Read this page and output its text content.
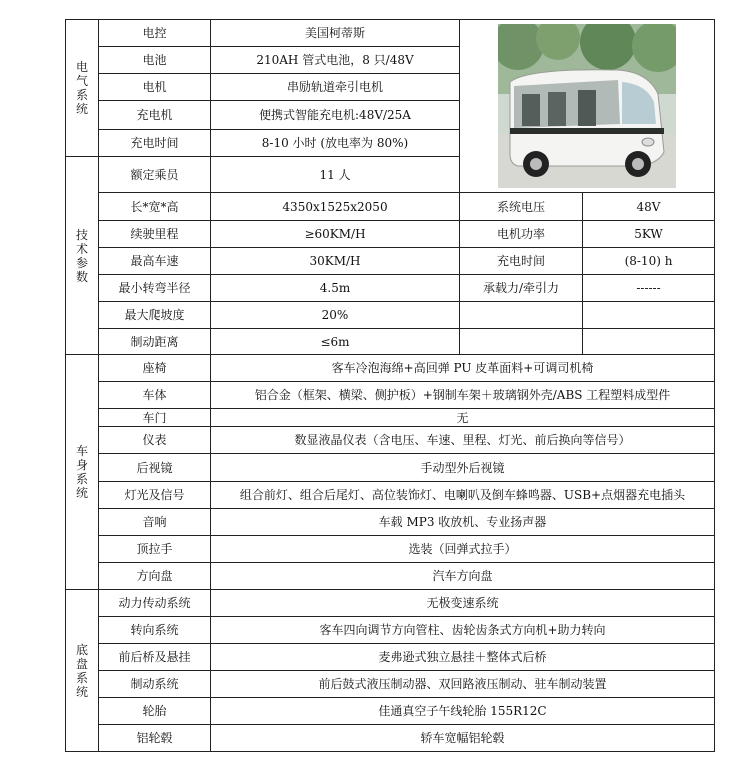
电
气
系
统	电控	美国柯蒂斯	

	电池	210AH 管式电池，8 只/48V		
	电机	串励轨道牵引电机		
	充电机	便携式智能充电机:48V/25A		
	充电时间	8-10 小时 (放电率为 80%)		

技
术
参
数	额定乘员	11 人		
	长*宽*高	4350x1525x2050	系统电压	48V
	续驶里程	≥60KM/H	电机功率	5KW
	最高车速	30KM/H	充电时间	(8-10) h
	最小转弯半径	4.5m	承载力/牵引力	------
	最大爬坡度	20%		
	制动距离	≤6m		

车
身
系
统	座椅	客车冷泡海绵+高回弹 PU 皮革面料+可调司机椅		
	车体	铝合金（框架、横梁、侧护板）+钢制车架＋玻璃钢外壳/ABS 工程塑料成型件		
	车门	无		
	仪表	数显液晶仪表（含电压、车速、里程、灯光、前后换向等信号）		
	后视镜	手动型外后视镜		
	灯光及信号	组合前灯、组合后尾灯、高位装饰灯、电喇叭及倒车蜂鸣器、USB+点烟器充电插头		
	音响	车载 MP3 收放机、专业扬声器		
	顶拉手	选装（回弹式拉手）		
	方向盘	汽车方向盘		

底
盘
系
统	动力传动系统	无极变速系统		
	转向系统	客车四向调节方向管柱、齿轮齿条式方向机+助力转向		
	前后桥及悬挂	麦弗逊式独立悬挂＋整体式后桥		
	制动系统	前后鼓式液压制动器、双回路液压制动、驻车制动装置		
	轮胎	佳通真空子午线轮胎 155R12C		
	铝轮毂	轿车宽幅铝轮毂		
